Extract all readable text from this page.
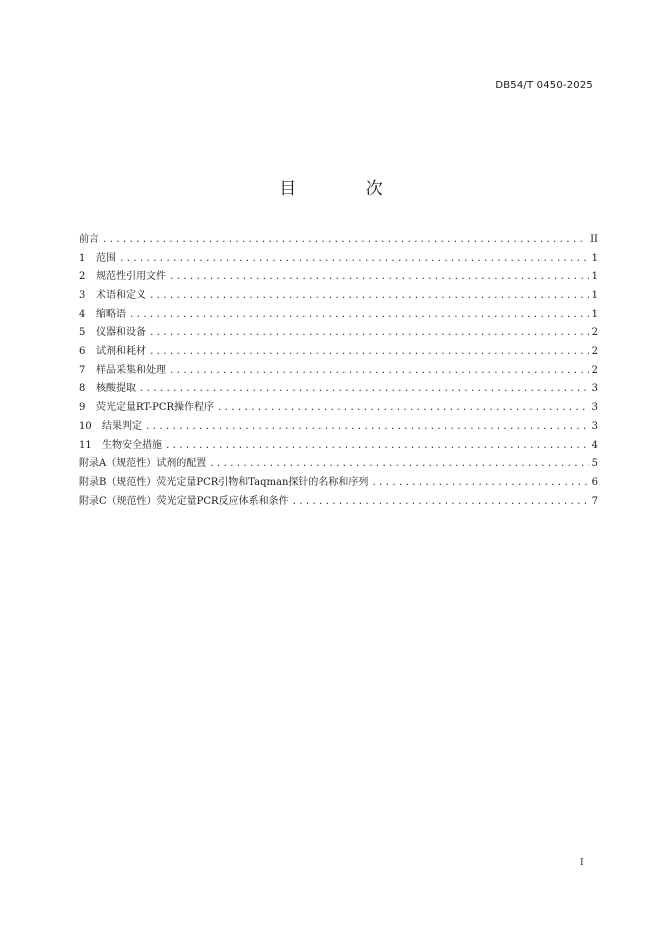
DB54/T 0450-2025
目 次
前言 .....	II
1	范围 .....	1
2	规范性引用文件 .....	1
3	术语和定义 .....	1
4	缩略语 .....	1
5	仪器和设备 .....	2
6	试剂和耗材 .....	2
7	样品采集和处理 .....	2
8	核酸提取 .....	3
9	荧光定量RT-PCR操作程序 .....	3
10	结果判定 .....	3
11	生物安全措施 .....	4
附录A（规范性） 试剂的配置 .....	5
附录B（规范性） 荧光定量PCR引物和Taqman探针的名称和序列 .....	6
附录C（规范性） 荧光定量PCR反应体系和条件 .....	7
I
